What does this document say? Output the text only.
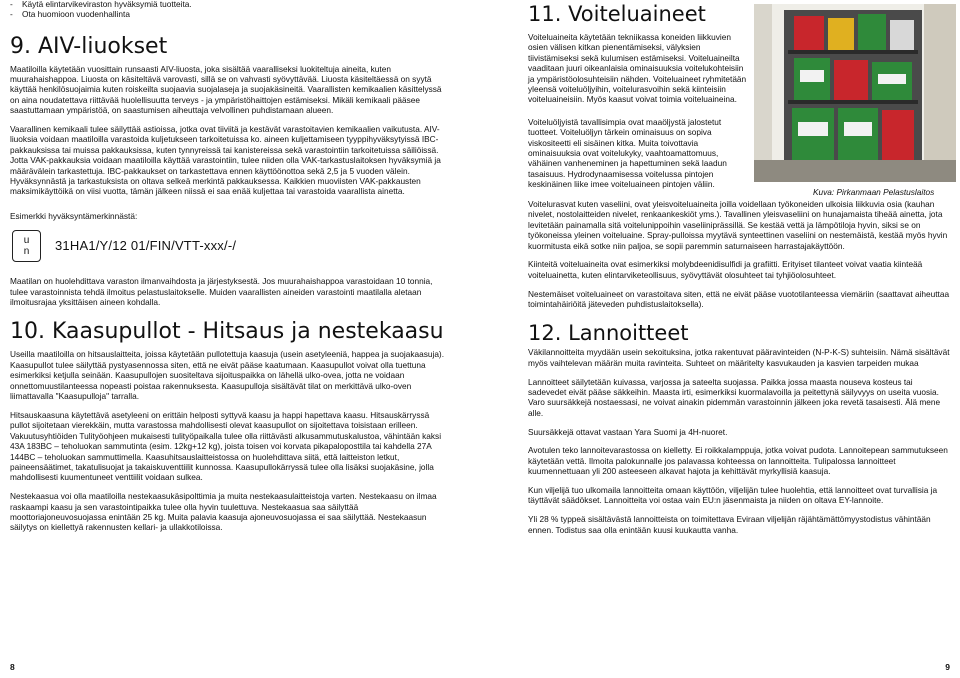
- Käytä elintarvikeviraston hyväksymiä tuotteita.
- Ota huomioon vuodenhallinta
9. AIV-liuokset

Maatiloilla käytetään vuosittain runsaasti AIV-liuosta, joka sisältää vaaralliseksi luokiteltuja aineita, kuten muurahaishappoa. Liuosta on käsiteltävä varovasti, sillä se on vahvasti syövyttävää. Liuosta käsiteltäessä on syytä käyttää henkilösuojaimia kuten roiskeilta suojaavia suojalaseja ja suojakäsineitä. Vaarallisten kemikaalien käsittelyssä on aina noudatettava riittävää huolellisuutta terveys - ja ympäristöhaittojen estämiseksi. Mikäli kemikaali pääsee saastuttamaan ympäristöä, on saastumisen aiheuttaja velvollinen puhdistamaan alueen.

Vaarallinen kemikaali tulee säilyttää astioissa, jotka ovat tiiviitä ja kestävät varastoitavien kemikaalien vaikutusta. AIV-liuoksia voidaan maatiloilla varastoida kuljetukseen tarkoitetuissa ko. aineen kuljettamiseen tyyppihyväksytyissä IBC-pakkauksissa tai muissa pakkauksissa, kuten tynnyreissä tai kanistereissa sekä varastointiin tarkoitetuissa säiliöissä. Jotta VAK-pakkauksia voidaan maatiloilla käyttää varastointiin, tulee niiden olla VAK-tarkastuslaitoksen hyväksymiä ja määrävälein tarkastettuja. IBC-pakkaukset on tarkastettava ennen käyttöönottoa sekä 2,5 ja 5 vuoden välein. Hyväksynnästä ja tarkastuksista on oltava selkeä merkintä pakkauksessa. Kaikkien muoviisten VAK-pakkausten maksimikäyttöikä on viisi vuotta, tämän jälkeen niissä ei saa enää kuljettaa tai varastoida vaarallista ainetta.

Esimerkki hyväksyntämerkinnästä:

u
n 31HA1/Y/12 01/FIN/VTT-xxx/-/

Maatilan on huolehdittava varaston ilmanvaihdosta ja järjestyksestä. Jos muurahaishappoa varastoidaan 10 tonnia, tulee varastoinnista tehdä ilmoitus pelastuslaitokselle. Muiden vaarallisten aineiden varastointi maatilalla aletaan ilmoitusrajaa yksittäisen aineen kohdalla.

10. Kaasupullot - Hitsaus ja nestekaasu

Useilla maatiloilla on hitsauslaitteita, joissa käytetään pullotettuja kaasuja (usein asetyleeniä, happea ja suojakaasuja). Kaasupullot tulee säilyttää pystyasennossa siten, että ne eivät pääse kaatumaan. Kaasupullot voivat olla tuettuna esimerkiksi ketjulla seinään. Kaasupullojen suositeltava sijoituspaikka on lähellä ulko-ovea, jotta ne voidaan onnettomuustilanteessa nopeasti poistaa rakennuksesta. Kaasupulloja sisältävät tilat on merkittävä ulko-oven liimattavalla "Kaasupulloja" tarralla.

Hitsauskaasuna käytettävä asetyleeni on erittäin helposti syttyvä kaasu ja happi hapettava kaasu. Hitsauskärryssä pullot sijoitetaan vierekkäin, mutta varastossa mahdollisesti olevat kaasupullot on sijoitettava toisistaan erilleen. Vakuutusyhtiöiden Tulityöohjeen mukaisesti tulityöpaikalla tulee olla riittävästi alkusammutuskalustoa, vähintään kaksi 43A 183BC – teholuokan sammutinta (esim. 12kg+12 kg), joista toisen voi korvata pikapaloposttila tai kahdella 27A 144BC – teholuokan sammuttimella. Kaasuhitsauslaitteistossa on huolehdittava siitä, että laitteiston letkut, paineensäätimet, takatulisuojat ja takaiskuventtiilit kunnossa. Kaasupullokärryssä tulee olla lisäksi suojakäsine, jolla mahdollisesti kuumentuneet venttiilit voidaan sulkea.

Nestekaasua voi olla maatiloilla nestekaasukäsipolttimia ja muita nestekaasulaitteistoja varten. Nestekaasu on ilmaa raskaampi kaasu ja sen varastointipaikka tulee olla hyvin tuulettuva. Nestekaasua saa säilyttää moottoriajoneuvosuojassa enintään 25 kg. Muita palavia kaasuja ajoneuvosuojassa ei saa säilyttää. Nestekaasun säilytys on kiellettyä rakennusten kellari- ja ullakkotiloissa.

8
11. Voiteluaineet

Voiteluaineita käytetään tekniikassa koneiden liikkuvien osien välisen kitkan pienentämiseksi, välyksien tiivistämiseksi sekä kulumisen estämiseksi. Voiteluaineilta vaaditaan juuri oikeanlaisia ominaisuuksia voitelukohteisiin ja ympäristöolosuhteisiin nähden. Voiteluaineet ryhmitetään yleensä voiteluöljyihin, voitelurasvoihin sekä kiinteisiin voiteluaineisiin. Myös kaasut voivat toimia voiteluaineina.

Voiteluöljyistä tavallisimpia ovat maaöljystä jalostetut tuotteet. Voiteluöljyn tärkein ominaisuus on sopiva viskositeetti eli sisäinen kitka. Muita toivottavia ominaisuuksia ovat voitelukyky, vaahtoamattomuus, vähäinen vanheneminen ja hapettuminen sekä laadun tasaisuus. Hydrodynaamisessa voitelussa pintojen keskinäinen liike imee voiteluaineen pintojen väliin.

Kuva: Pirkanmaan Pelastuslaitos

Voitelurasvat kuten vaseliini, ovat yleisvoiteluaineita joilla voidellaan työkoneiden ulkoisia liikkuvia osia (kauhan nivelet, nostolaitteiden nivelet, renkaankeskiöt yms.). Tavallinen yleisvaseliini on hunajamaista tiheää ainetta, jota levitetään painamalla sitä voitelunippoihin vaseliiniprässillä. Se kestää vettä ja lämpötiloja hyvin, siksi se on työkoneissa yleinen voiteluaine. Spray-pulloissa myytävä synteettinen vaseliini on nestemäistä, kestää myös hyvin kuormitusta eikä sotke niin paljoa, se sopii paremmin saturnaiseen harrastajakäyttöön.

Kiinteitä voiteluaineita ovat esimerkiksi molybdeenidisulfidi ja grafiitti. Erityiset tilanteet voivat vaatia kiinteää voiteluainetta, kuten elintarviketeollisuus, syövyttävät olosuhteet tai tyhjiöolosuhteet.

Nestemäiset voiteluaineet on varastoitava siten, että ne eivät pääse vuototilanteessa viemäriin (saattavat aiheuttaa toimintahäiriöitä jäteveden puhdistuslaitoksella).

12. Lannoitteet

Väkilannoitteita myydään usein sekoituksina, jotka rakentuvat pääravinteiden (N-P-K-S) suhteisiin. Nämä sisältävät myös vaihtelevan määrän muita ravinteita. Suhteet on määritelty kasvukauden ja kasvien tarpeiden mukaa

Lannoitteet säilytetään kuivassa, varjossa ja sateelta suojassa. Paikka jossa maasta nouseva kosteus tai sadevedet eivät pääse säkkeihin. Maasta irti, esimerkiksi kuormalavoilla ja peitettynä säilyvyys on useita vuosia. Varo suursäkkejä nostaessasi, ne voivat ainakin pidemmän varastoinnin jälkeen joka revetä tasaisesti. Älä mene alle.

Suursäkkejä ottavat vastaan Yara Suomi ja 4H-nuoret.

Avotulen teko lannoitevarastossa on kielletty. Ei roikkalamppuja, jotka voivat pudota. Lannoitepean sammutukseen käytetään vettä. Ilmoita palokunnalle jos palavassa kohteessa on lannoitteita. Tulipalossa lannoitteet kuumennettuaan yli 200 asteeseen alkavat hajota ja kehittävät myrkyllisiä kaasuja.

Kun viljelijä tuo ulkomaila lannoitteita omaan käyttöön, viljelijän tulee huolehtia, että lannoitteet ovat turvallisia ja täyttävät säädökset. Lannoitteita voi ostaa vain EU:n jäsenmaista ja niiden on oltava EY-lannoite.

Yli 28 % typpeä sisältävästä lannoitteista on toimitettava Eviraan viljelijän räjähtämättömyystodistus vähintään ennen. Todistus saa olla enintään kuusi kuukautta vanha.

9
